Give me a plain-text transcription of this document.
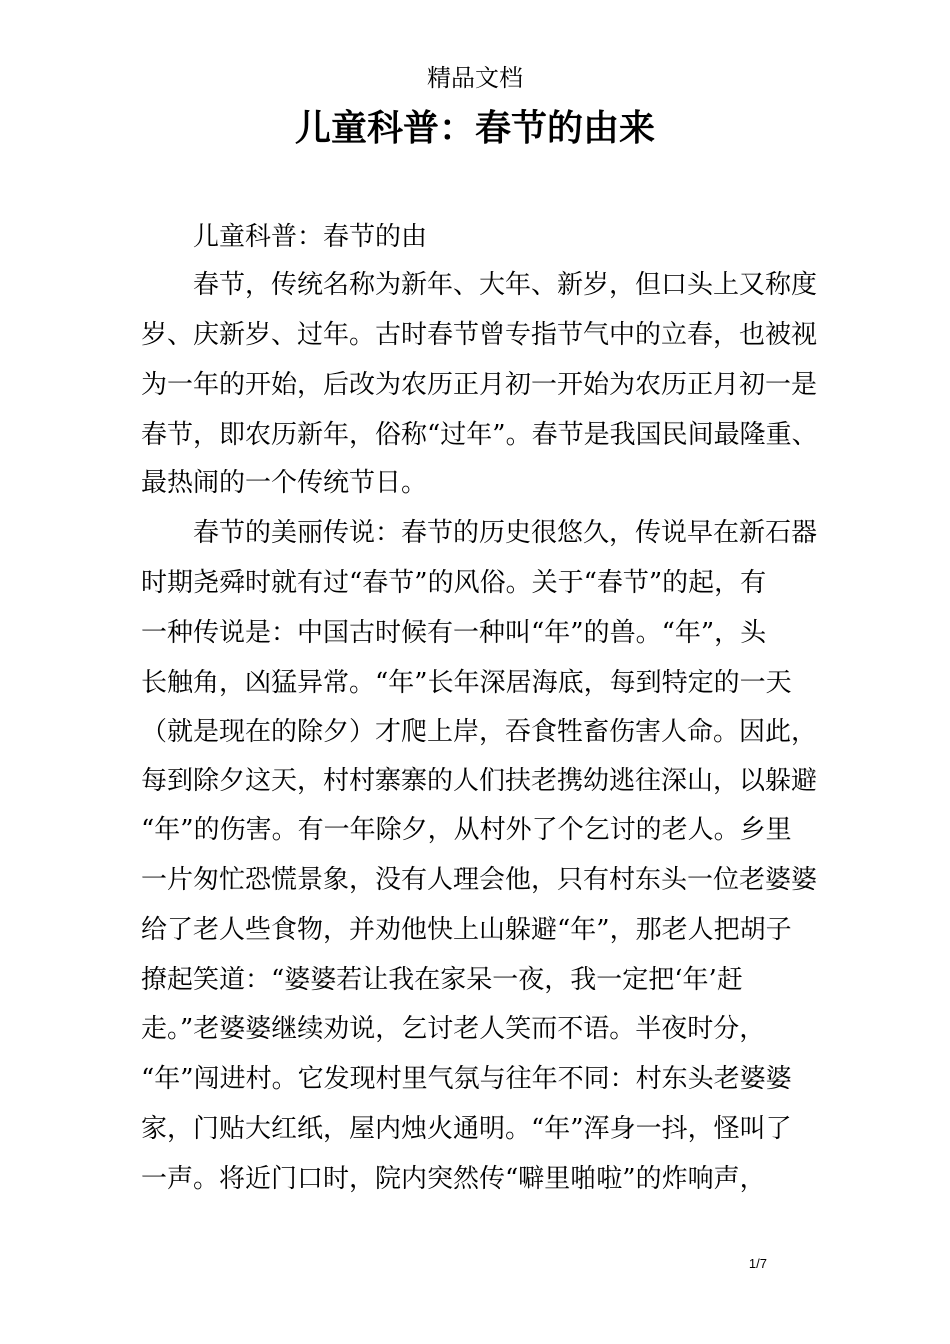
精品文档
儿童科普：春节的由来
儿童科普：春节的由
春节，传统名称为新年、大年、新岁，但口头上又称度
岁、庆新岁、过年。古时春节曾专指节气中的立春，也被视
为一年的开始，后改为农历正月初一开始为农历正月初一是
春节，即农历新年，俗称“过年”。春节是我国民间最隆重、
最热闹的一个传统节日。
春节的美丽传说：春节的历史很悠久，传说早在新石器
时期尧舜时就有过“春节”的风俗。关于“春节”的起，有
一种传说是：中国古时候有一种叫“年”的兽。“年”，头
长触角，凶猛异常。“年”长年深居海底，每到特定的一天
（就是现在的除夕）才爬上岸，吞食牲畜伤害人命。因此，
每到除夕这天，村村寨寨的人们扶老携幼逃往深山，以躲避
“年”的伤害。有一年除夕，从村外了个乞讨的老人。乡里
一片匆忙恐慌景象，没有人理会他，只有村东头一位老婆婆
给了老人些食物，并劝他快上山躲避“年”，那老人把胡子
撩起笑道：“婆婆若让我在家呆一夜，我一定把‘年’赶
走。”老婆婆继续劝说，乞讨老人笑而不语。半夜时分，
“年”闯进村。它发现村里气氛与往年不同：村东头老婆婆
家，门贴大红纸，屋内烛火通明。“年”浑身一抖，怪叫了
一声。将近门口时，院内突然传“噼里啪啦”的炸响声，
1/7
